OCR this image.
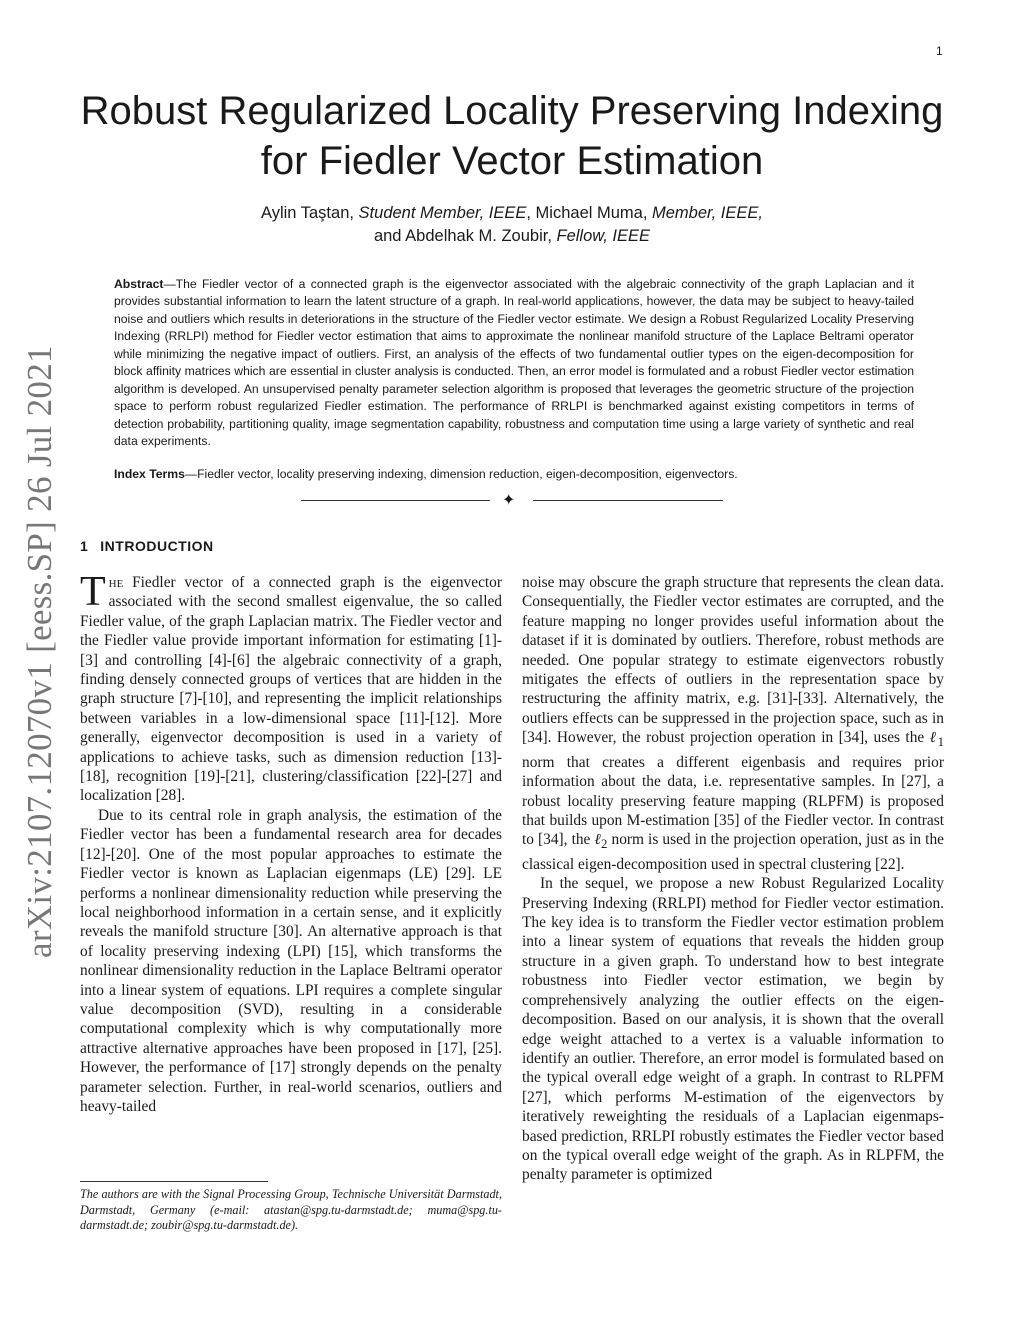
1
arXiv:2107.12070v1 [eess.SP] 26 Jul 2021
Robust Regularized Locality Preserving Indexing
for Fiedler Vector Estimation
Aylin Taştan, Student Member, IEEE, Michael Muma, Member, IEEE,
and Abdelhak M. Zoubir, Fellow, IEEE

Abstract—The Fiedler vector of a connected graph is the eigenvector associated with the algebraic connectivity of the graph Laplacian and it provides substantial information to learn the latent structure of a graph. In real-world applications, however, the data may be subject to heavy-tailed noise and outliers which results in deteriorations in the structure of the Fiedler vector estimate. We design a Robust Regularized Locality Preserving Indexing (RRLPI) method for Fiedler vector estimation that aims to approximate the nonlinear manifold structure of the Laplace Beltrami operator while minimizing the negative impact of outliers. First, an analysis of the effects of two fundamental outlier types on the eigen-decomposition for block affinity matrices which are essential in cluster analysis is conducted. Then, an error model is formulated and a robust Fiedler vector estimation algorithm is developed. An unsupervised penalty parameter selection algorithm is proposed that leverages the geometric structure of the projection space to perform robust regularized Fiedler estimation. The performance of RRLPI is benchmarked against existing competitors in terms of detection probability, partitioning quality, image segmentation capability, robustness and computation time using a large variety of synthetic and real data experiments.

Index Terms—Fiedler vector, locality preserving indexing, dimension reduction, eigen-decomposition, eigenvectors.

✦
1 INTRODUCTION

The Fiedler vector of a connected graph is the eigenvector associated with the second smallest eigenvalue, the so called Fiedler value, of the graph Laplacian matrix. The Fiedler vector and the Fiedler value provide important information for estimating [1]-[3] and controlling [4]-[6] the algebraic connectivity of a graph, finding densely connected groups of vertices that are hidden in the graph structure [7]-[10], and representing the implicit relationships between variables in a low-dimensional space [11]-[12]. More generally, eigenvector decomposition is used in a variety of applications to achieve tasks, such as dimension reduction [13]-[18], recognition [19]-[21], clustering/classification [22]-[27] and localization [28].

Due to its central role in graph analysis, the estimation of the Fiedler vector has been a fundamental research area for decades [12]-[20]. One of the most popular approaches to estimate the Fiedler vector is known as Laplacian eigenmaps (LE) [29]. LE performs a nonlinear dimensionality reduction while preserving the local neighborhood information in a certain sense, and it explicitly reveals the manifold structure [30]. An alternative approach is that of locality preserving indexing (LPI) [15], which transforms the nonlinear dimensionality reduction in the Laplace Beltrami operator into a linear system of equations. LPI requires a complete singular value decomposition (SVD), resulting in a considerable computational complexity which is why computationally more attractive alternative approaches have been proposed in [17], [25]. However, the performance of [17] strongly depends on the penalty parameter selection. Further, in real-world scenarios, outliers and heavy-tailed

noise may obscure the graph structure that represents the clean data. Consequentially, the Fiedler vector estimates are corrupted, and the feature mapping no longer provides useful information about the dataset if it is dominated by outliers. Therefore, robust methods are needed. One popular strategy to estimate eigenvectors robustly mitigates the effects of outliers in the representation space by restructuring the affinity matrix, e.g. [31]-[33]. Alternatively, the outliers effects can be suppressed in the projection space, such as in [34]. However, the robust projection operation in [34], uses the ℓ$_1$ norm that creates a different eigenbasis and requires prior information about the data, i.e. representative samples. In [27], a robust locality preserving feature mapping (RLPFM) is proposed that builds upon M-estimation [35] of the Fiedler vector. In contrast to [34], the ℓ$_2$ norm is used in the projection operation, just as in the classical eigen-decomposition used in spectral clustering [22].

In the sequel, we propose a new Robust Regularized Locality Preserving Indexing (RRLPI) method for Fiedler vector estimation. The key idea is to transform the Fiedler vector estimation problem into a linear system of equations that reveals the hidden group structure in a given graph. To understand how to best integrate robustness into Fiedler vector estimation, we begin by comprehensively analyzing the outlier effects on the eigen-decomposition. Based on our analysis, it is shown that the overall edge weight attached to a vertex is a valuable information to identify an outlier. Therefore, an error model is formulated based on the typical overall edge weight of a graph. In contrast to RLPFM [27], which performs M-estimation of the eigenvectors by iteratively reweighting the residuals of a Laplacian eigenmaps-based prediction, RRLPI robustly estimates the Fiedler vector based on the typical overall edge weight of the graph. As in RLPFM, the penalty parameter is optimized

The authors are with the Signal Processing Group, Technische Universität Darmstadt, Darmstadt, Germany (e-mail: atastan@spg.tu-darmstadt.de; muma@spg.tu-darmstadt.de; zoubir@spg.tu-darmstadt.de).
